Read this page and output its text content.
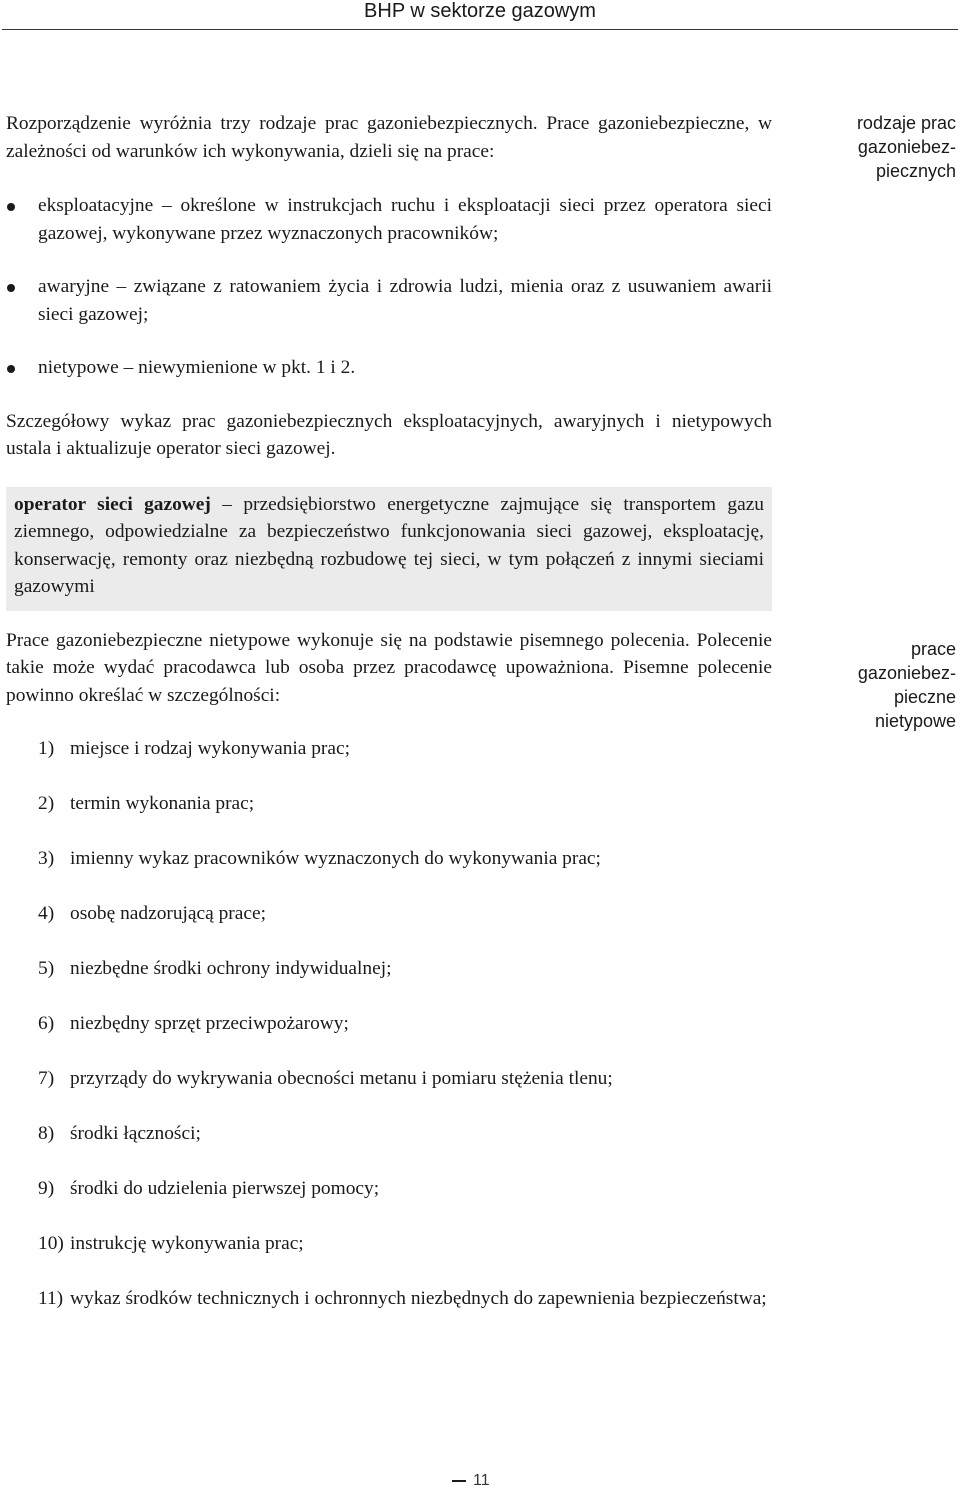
BHP w sektorze gazowym

Rozporządzenie wyróżnia trzy rodzaje prac gazoniebezpiecznych. Prace gazoniebezpieczne, w zależności od warunków ich wykonywania, dzieli się na prace:

eksploatacyjne – określone w instrukcjach ruchu i eksploatacji sieci przez operatora sieci gazowej, wykonywane przez wyznaczonych pracowników;
awaryjne – związane z ratowaniem życia i zdrowia ludzi, mienia oraz z usuwaniem awarii sieci gazowej;
nietypowe – niewymienione w pkt. 1 i 2.

Szczegółowy wykaz prac gazoniebezpiecznych eksploatacyjnych, awaryjnych i nietypowych ustala i aktualizuje operator sieci gazowej.

operator sieci gazowej – przedsiębiorstwo energetyczne zajmujące się transportem gazu ziemnego, odpowiedzialne za bezpieczeństwo funkcjonowania sieci gazowej, eksploatację, konserwację, remonty oraz niezbędną rozbudowę tej sieci, w tym połączeń z innymi sieciami gazowymi

Prace gazoniebezpieczne nietypowe wykonuje się na podstawie pisemnego polecenia. Polecenie takie może wydać pracodawca lub osoba przez pracodawcę upoważniona. Pisemne polecenie powinno określać w szczególności:

1) miejsce i rodzaj wykonywania prac;
2) termin wykonania prac;
3) imienny wykaz pracowników wyznaczonych do wykonywania prac;
4) osobę nadzorującą prace;
5) niezbędne środki ochrony indywidualnej;
6) niezbędny sprzęt przeciwpożarowy;
7) przyrządy do wykrywania obecności metanu i pomiaru stężenia tlenu;
8) środki łączności;
9) środki do udzielenia pierwszej pomocy;
10) instrukcję wykonywania prac;
11) wykaz środków technicznych i ochronnych niezbędnych do zapewnienia bezpieczeństwa;
rodzaje prac
gazoniebez-
piecznych
prace
gazoniebez-
pieczne
nietypowe
11
